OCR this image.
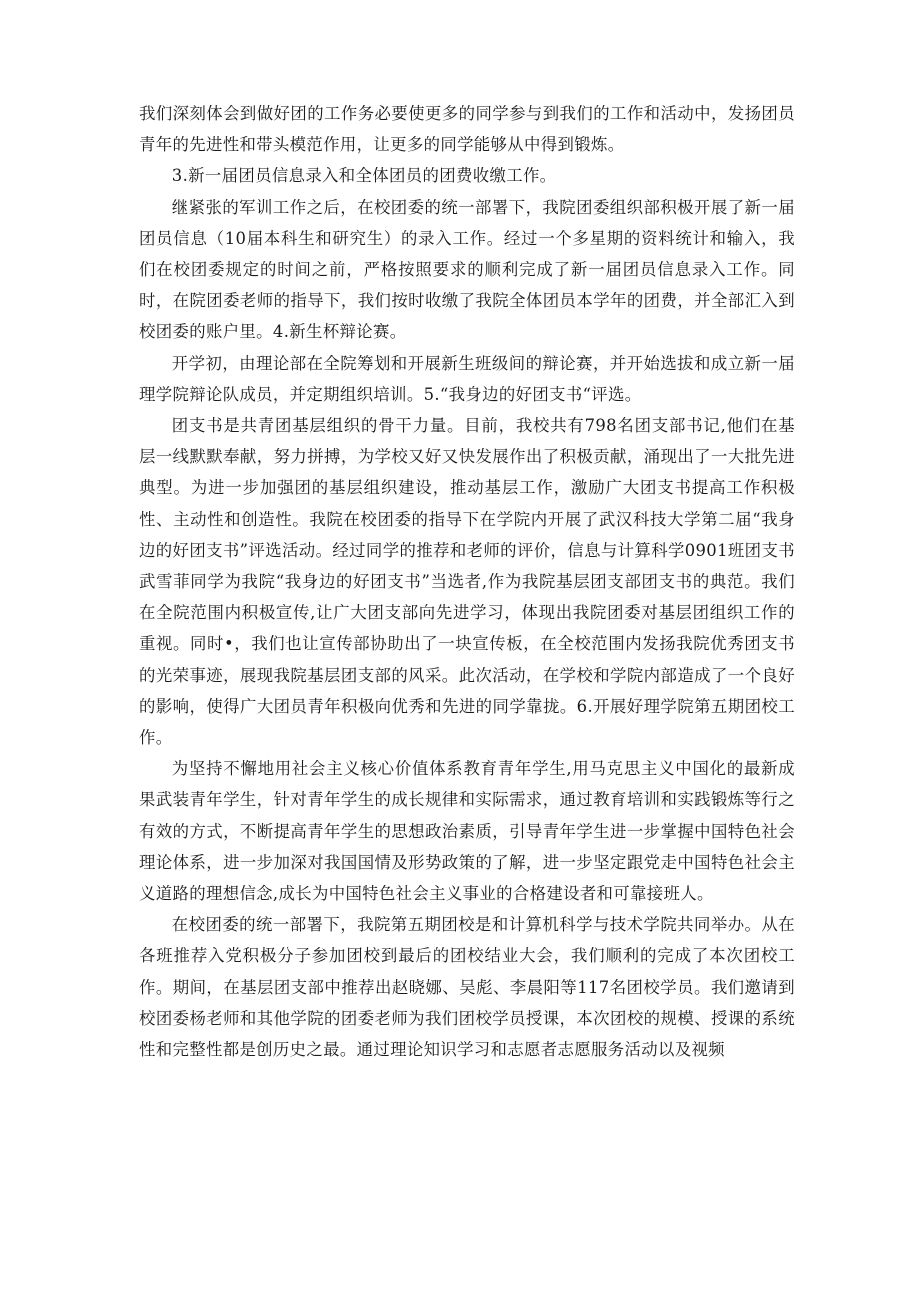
我们深刻体会到做好团的工作务必要使更多的同学参与到我们的工作和活动中，发扬团员青年的先进性和带头模范作用，让更多的同学能够从中得到锻炼。

3.新一届团员信息录入和全体团员的团费收缴工作。

继紧张的军训工作之后，在校团委的统一部署下，我院团委组织部积极开展了新一届团员信息（10届本科生和研究生）的录入工作。经过一个多星期的资料统计和输入，我们在校团委规定的时间之前，严格按照要求的顺利完成了新一届团员信息录入工作。同时，在院团委老师的指导下，我们按时收缴了我院全体团员本学年的团费，并全部汇入到校团委的账户里。4.新生杯辩论赛。

开学初，由理论部在全院筹划和开展新生班级间的辩论赛，并开始选拔和成立新一届理学院辩论队成员，并定期组织培训。5.“我身边的好团支书“评选。

团支书是共青团基层组织的骨干力量。目前，我校共有798名团支部书记,他们在基层一线默默奉献，努力拼搏，为学校又好又快发展作出了积极贡献，涌现出了一大批先进典型。为进一步加强团的基层组织建设，推动基层工作，激励广大团支书提高工作积极性、主动性和创造性。我院在校团委的指导下在学院内开展了武汉科技大学第二届“我身边的好团支书”评选活动。经过同学的推荐和老师的评价，信息与计算科学0901班团支书武雪菲同学为我院“我身边的好团支书”当选者,作为我院基层团支部团支书的典范。我们在全院范围内积极宣传,让广大团支部向先进学习，体现出我院团委对基层团组织工作的重视。同时•，我们也让宣传部协助出了一块宣传板，在全校范围内发扬我院优秀团支书的光荣事迹，展现我院基层团支部的风采。此次活动，在学校和学院内部造成了一个良好的影响，使得广大团员青年积极向优秀和先进的同学靠拢。6.开展好理学院第五期团校工作。

为坚持不懈地用社会主义核心价值体系教育青年学生,用马克思主义中国化的最新成果武装青年学生，针对青年学生的成长规律和实际需求，通过教育培训和实践锻炼等行之有效的方式，不断提高青年学生的思想政治素质，引导青年学生进一步掌握中国特色社会理论体系，进一步加深对我国国情及形势政策的了解，进一步坚定跟党走中国特色社会主义道路的理想信念,成长为中国特色社会主义事业的合格建设者和可靠接班人。

在校团委的统一部署下，我院第五期团校是和计算机科学与技术学院共同举办。从在各班推荐入党积极分子参加团校到最后的团校结业大会，我们顺利的完成了本次团校工作。期间，在基层团支部中推荐出赵晓娜、吴彪、李晨阳等117名团校学员。我们邀请到校团委杨老师和其他学院的团委老师为我们团校学员授课，本次团校的规模、授课的系统性和完整性都是创历史之最。通过理论知识学习和志愿者志愿服务活动以及视频
